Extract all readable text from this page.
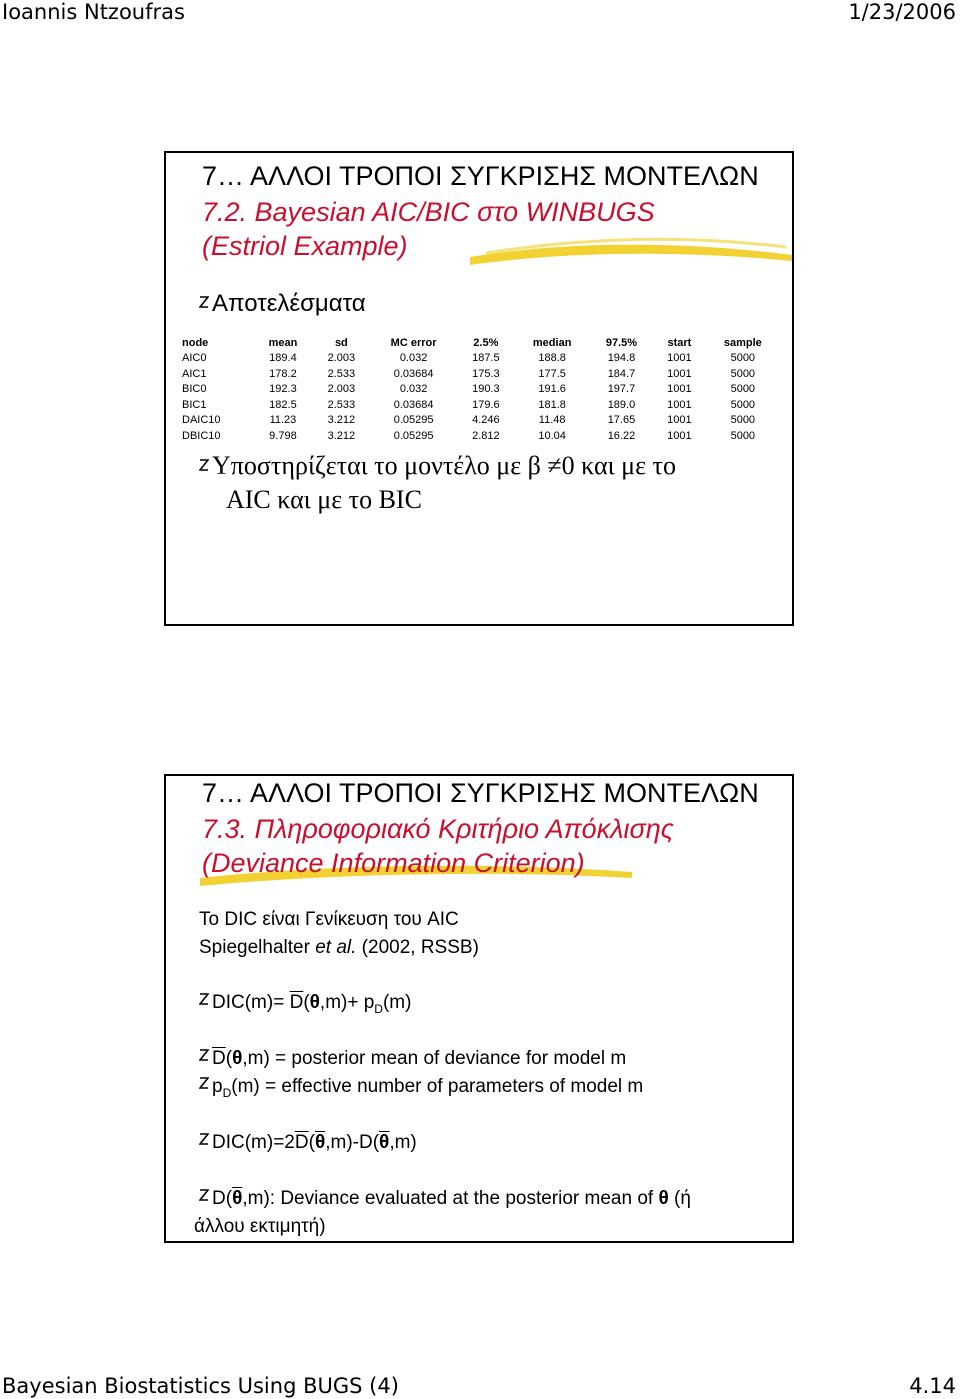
Ioannis Ntzoufras	1/23/2006
7… ΑΛΛΟΙ ΤΡΟΠΟΙ ΣΥΓΚΡΙΣΗΣ ΜΟΝΤΕΛΩΝ
7.2. Bayesian AIC/BIC στο WINBUGS
(Estriol Example)
Αποτελέσματα
node	mean	sd	MC error	2.5%	median	97.5%	start	sample
AIC0	189.4	2.003	0.032	187.5	188.8	194.8	1001	5000
AIC1	178.2	2.533	0.03684	175.3	177.5	184.7	1001	5000
BIC0	192.3	2.003	0.032	190.3	191.6	197.7	1001	5000
BIC1	182.5	2.533	0.03684	179.6	181.8	189.0	1001	5000
DAIC10	11.23	3.212	0.05295	4.246	11.48	17.65	1001	5000
DBIC10	9.798	3.212	0.05295	2.812	10.04	16.22	1001	5000
Υποστηρίζεται το μοντέλο με β ≠0 και με το
AIC και με το BIC
7… ΑΛΛΟΙ ΤΡΟΠΟΙ ΣΥΓΚΡΙΣΗΣ ΜΟΝΤΕΛΩΝ
7.3. Πληροφοριακό Κριτήριο Απόκλισης
(Deviance Information Criterion)
Το DIC είναι Γενίκευση του AIC
Spiegelhalter et al. (2002, RSSB)
$DIC(m)= \overline{D}(\theta,m)+ p_D(m)$
$\overline{D}(\theta,m)$ = posterior mean of deviance for model m
$p_D(m)$ = effective number of parameters of model m
$DIC(m)=2\overline{D}(\overline{\theta},m)-D(\overline{\theta},m)$
$D(\overline{\theta},m)$: Deviance evaluated at the posterior mean of θ (ή
άλλου εκτιμητή)
Bayesian Biostatistics Using BUGS (4)	4.14
